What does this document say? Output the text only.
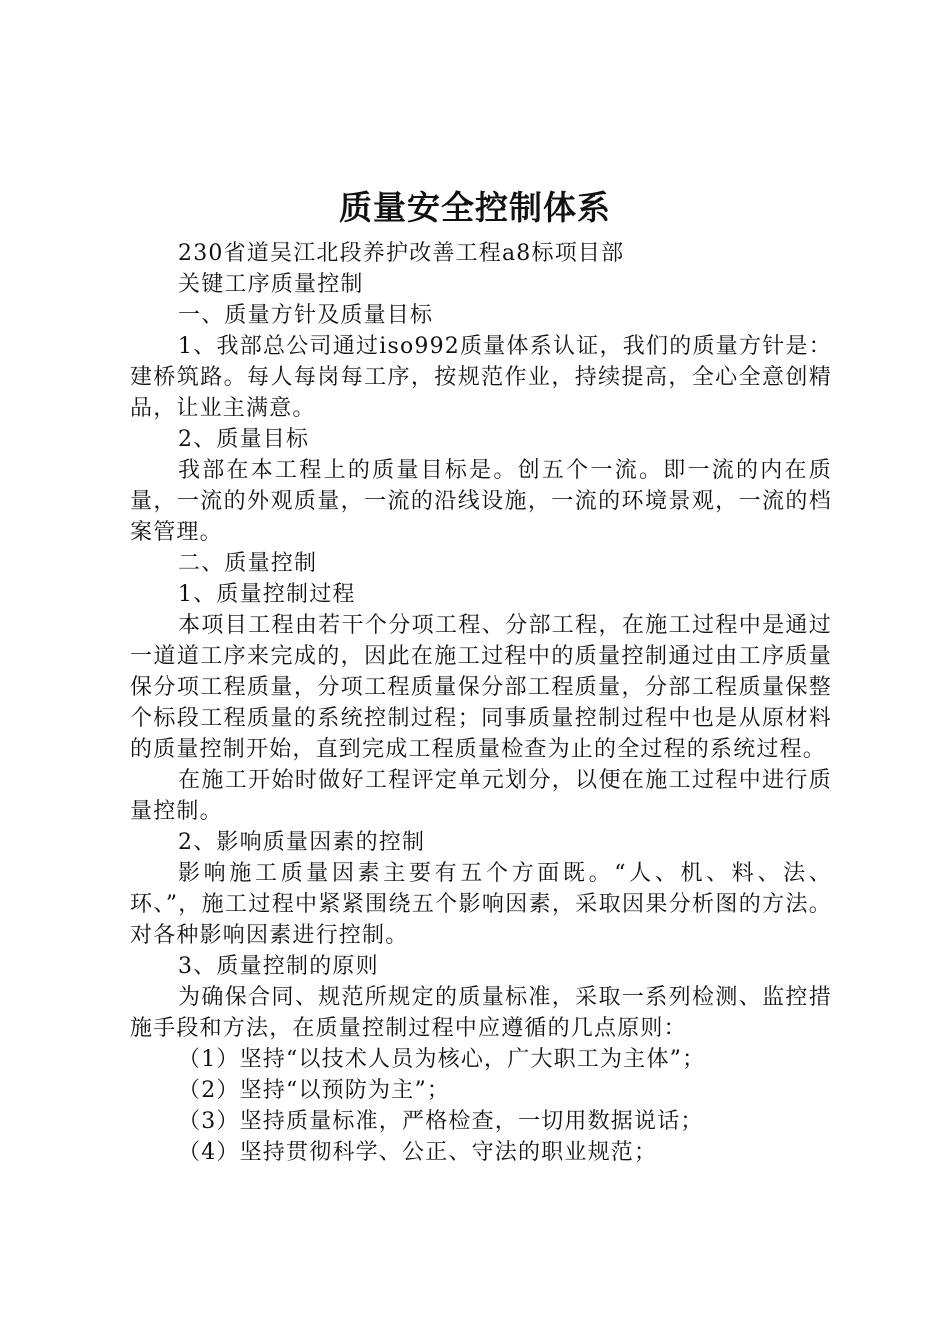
质量安全控制体系

230省道吴江北段养护改善工程a8标项目部

关键工序质量控制

一、质量方针及质量目标

1、我部总公司通过iso992质量体系认证，我们的质量方针是：建桥筑路。每人每岗每工序，按规范作业，持续提高，全心全意创精品，让业主满意。

2、质量目标

我部在本工程上的质量目标是。创五个一流。即一流的内在质量，一流的外观质量，一流的沿线设施，一流的环境景观，一流的档案管理。

二、质量控制

1、质量控制过程

本项目工程由若干个分项工程、分部工程，在施工过程中是通过一道道工序来完成的，因此在施工过程中的质量控制通过由工序质量保分项工程质量，分项工程质量保分部工程质量，分部工程质量保整个标段工程质量的系统控制过程；同事质量控制过程中也是从原材料的质量控制开始，直到完成工程质量检查为止的全过程的系统过程。

在施工开始时做好工程评定单元划分，以便在施工过程中进行质量控制。

2、影响质量因素的控制

影响施工质量因素主要有五个方面既。“人、机、料、法、环、”，施工过程中紧紧围绕五个影响因素，采取因果分析图的方法。对各种影响因素进行控制。

3、质量控制的原则

为确保合同、规范所规定的质量标准，采取一系列检测、监控措施手段和方法，在质量控制过程中应遵循的几点原则：

（1）坚持“以技术人员为核心，广大职工为主体”；

（2）坚持“以预防为主”；

（3）坚持质量标准，严格检查，一切用数据说话；

（4）坚持贯彻科学、公正、守法的职业规范；
